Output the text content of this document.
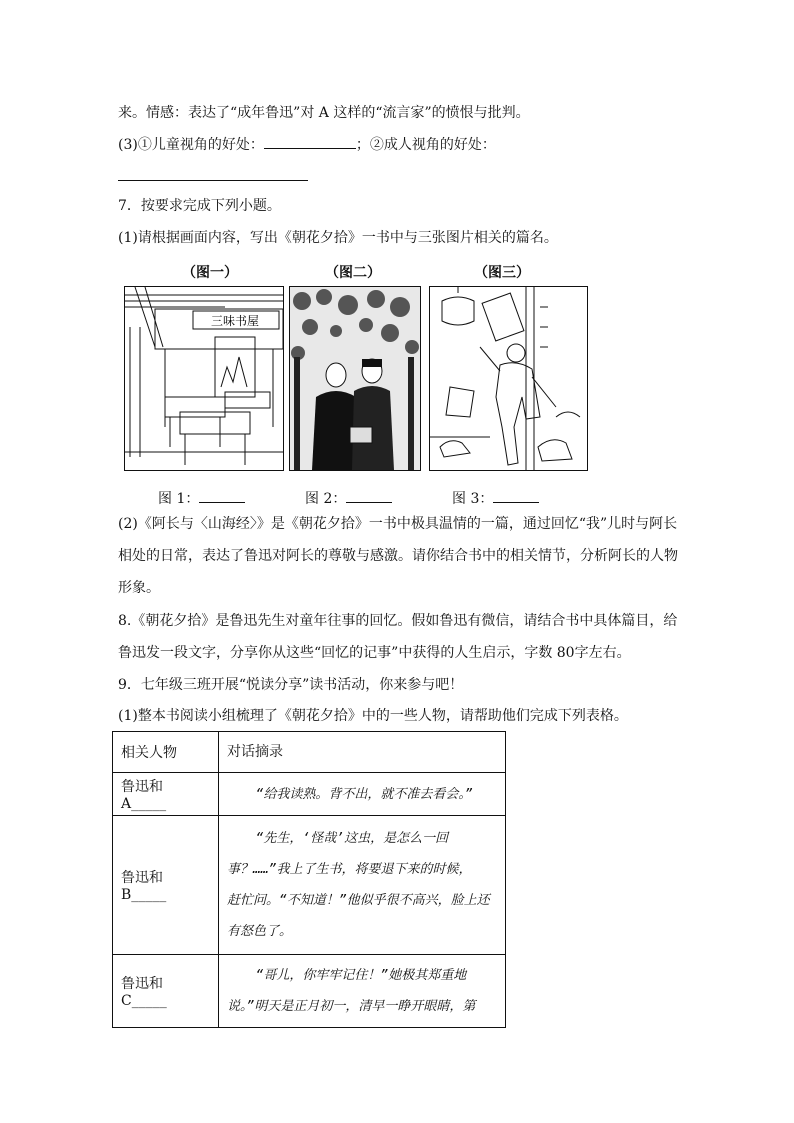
来。情感：表达了“成年鲁迅”对 A 这样的“流言家”的愤恨与批判。
(3)①儿童视角的好处：	；②成人视角的好处：
7．按要求完成下列小题。
(1)请根据画面内容，写出《朝花夕拾》一书中与三张图片相关的篇名。
（图一）	（图二）	（图三）
三味书屋
图 1：	图 2：	图 3：
(2)《阿长与〈山海经〉》是《朝花夕拾》一书中极具温情的一篇，通过回忆“我”儿时与阿长
相处的日常，表达了鲁迅对阿长的尊敬与感激。请你结合书中的相关情节，分析阿长的人物
形象。
8.《朝花夕拾》是鲁迅先生对童年往事的回忆。假如鲁迅有微信，请结合书中具体篇目，给
鲁迅发一段文字，分享你从这些“回忆的记事”中获得的人生启示，字数 80字左右。
9．七年级三班开展“悦读分享”读书活动，你来参与吧！
(1)整本书阅读小组梳理了《朝花夕拾》中的一些人物，请帮助他们完成下列表格。
相关人物	对话摘录
鲁迅和 A_____	“给我读熟。背不出，就不准去看会。”

鲁迅和 B_____	“先生，‘怪哉’这虫，是怎么一回

事？……”我上了生书，将要退下来的时候，

赶忙问。“不知道！”他似乎很不高兴，脸上还

有怒色了。

鲁迅和 C_____	“哥儿，你牢牢记住！”她极其郑重地

说。”明天是正月初一，清早一睁开眼睛，第
